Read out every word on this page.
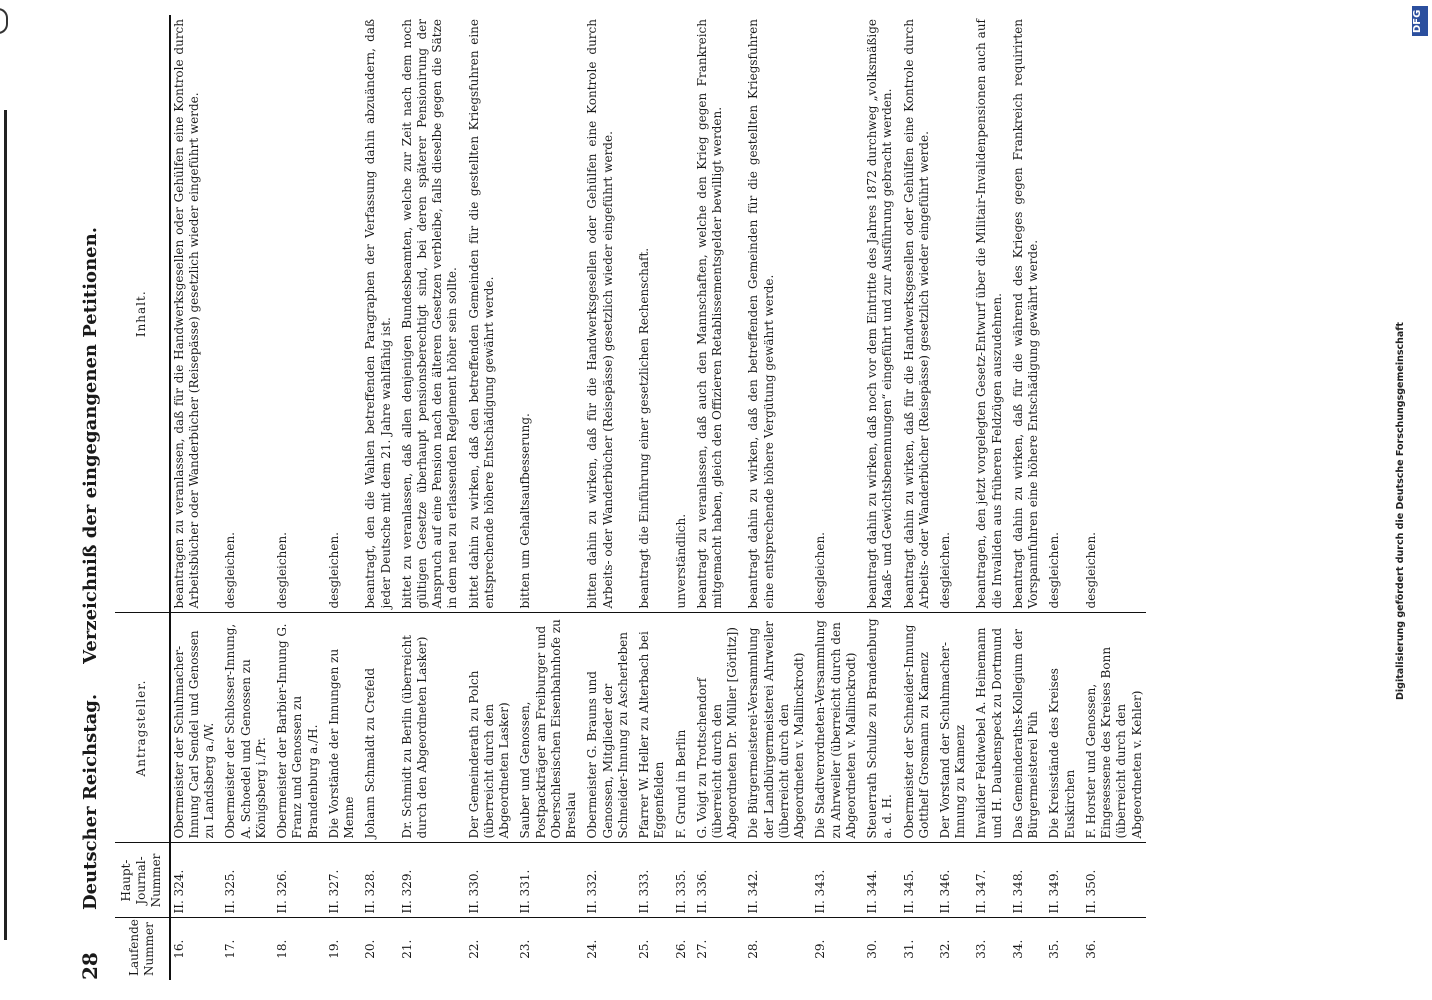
28
Deutscher Reichstag.Verzeichniß der eingegangenen Petitionen.
Laufende Nummer	Haupt-Journal-Nummer	Antragsteller.	Inhalt.
16.	II. 324.	Obermeister der Schuhmacher-Innung Carl Sendel und Genossen zu Landsberg a./W.	beantragen zu veranlassen, daß für die Handwerksgesellen oder Gehülfen eine Kontrole durch Arbeitsbücher oder Wanderbücher (Reisepässe) gesetzlich wieder eingeführt werde.
17.	II. 325.	Obermeister der Schlosser-Innung, A. Schoedel und Genossen zu Königsberg i./Pr.	desgleichen.
18.	II. 326.	Obermeister der Barbier-Innung G. Franz und Genossen zu Brandenburg a./H.	desgleichen.
19.	II. 327.	Die Vorstände der Innungen zu Menne	desgleichen.
20.	II. 328.	Johann Schmaldt zu Crefeld	beantragt, den die Wahlen betreffenden Paragraphen der Verfassung dahin abzuändern, daß jeder Deutsche mit dem 21. Jahre wahlfähig ist.
21.	II. 329.	Dr. Schmidt zu Berlin (überreicht durch den Abgeordneten Lasker)	bittet zu veranlassen, daß allen denjenigen Bundesbeamten, welche zur Zeit nach dem noch gültigen Gesetze überhaupt pensionsberechtigt sind, bei deren späterer Pensionirung der Anspruch auf eine Pension nach den älteren Gesetzen verbleibe, falls dieselbe gegen die Sätze in dem neu zu erlassenden Reglement höher sein sollte.
22.	II. 330.	Der Gemeinderath zu Polch (überreicht durch den Abgeordneten Lasker)	bittet dahin zu wirken, daß den betreffenden Gemeinden für die gestellten Kriegsfuhren eine entsprechende höhere Entschädigung gewährt werde.
23.	II. 331.	Sauber und Genossen, Postpackträger am Freiburger und Oberschlesischen Eisenbahnhofe zu Breslau	bitten um Gehaltsaufbesserung.
24.	II. 332.	Obermeister G. Brauns und Genossen, Mitglieder der Schneider-Innung zu Ascherleben	bitten dahin zu wirken, daß für die Handwerksgesellen oder Gehülfen eine Kontrole durch Arbeits- oder Wanderbücher (Reisepässe) gesetzlich wieder eingeführt werde.
25.	II. 333.	Pfarrer W. Heller zu Alterbach bei Eggenfelden	beantragt die Einführung einer gesetzlichen Rechenschaft.
26.	II. 335.	F. Grund in Berlin	unverständlich.
27.	II. 336.	G. Voigt zu Trottschendorf (überreicht durch den Abgeordneten Dr. Müller [Görlitz])	beantragt zu veranlassen, daß auch den Mannschaften, welche den Krieg gegen Frankreich mitgemacht haben, gleich den Offizieren Retablissementsgelder bewilligt werden.
28.	II. 342.	Die Bürgermeisterei-Versammlung der Landbürgermeisterei Ahrweiler (überreicht durch den Abgeordneten v. Mallinckrodt)	beantragt dahin zu wirken, daß den betreffenden Gemeinden für die gestellten Kriegsfuhren eine entsprechende höhere Vergütung gewährt werde.
29.	II. 343.	Die Stadtverordneten-Versammlung zu Ahrweiler (überreicht durch den Abgeordneten v. Mallinckrodt)	desgleichen.
30.	II. 344.	Steuerrath Schulze zu Brandenburg a. d. H.	beantragt dahin zu wirken, daß noch vor dem Eintritte des Jahres 1872 durchweg „volksmäßige Maaß- und Gewichtsbenennungen“ eingeführt und zur Ausführung gebracht werden.
31.	II. 345.	Obermeister der Schneider-Innung Gotthelf Grosmann zu Kamenz	beantragt dahin zu wirken, daß für die Handwerksgesellen oder Gehülfen eine Kontrole durch Arbeits- oder Wanderbücher (Reisepässe) gesetzlich wieder eingeführt werde.
32.	II. 346.	Der Vorstand der Schuhmacher-Innung zu Kamenz	desgleichen.
33.	II. 347.	Invalider Feldwebel A. Heinemann und H. Daubenspeck zu Dortmund	beantragen, den jetzt vorgelegten Gesetz-Entwurf über die Militair-Invalidenpensionen auch auf die Invaliden aus früheren Feldzügen auszudehnen.
34.	II. 348.	Das Gemeinderaths-Kollegium der Bürgermeisterei Püh	beantragt dahin zu wirken, daß für die während des Krieges gegen Frankreich requirirten Vorspannfuhren eine höhere Entschädigung gewährt werde.
35.	II. 349.	Die Kreisstände des Kreises Euskirchen	desgleichen.
36.	II. 350.	F. Horster und Genossen, Eingesessene des Kreises Bonn (überreicht durch den Abgeordneten v. Kehler)	desgleichen.	Digitalisierung gefördert durch die Deutsche Forschungsgemeinschaft
DFG
